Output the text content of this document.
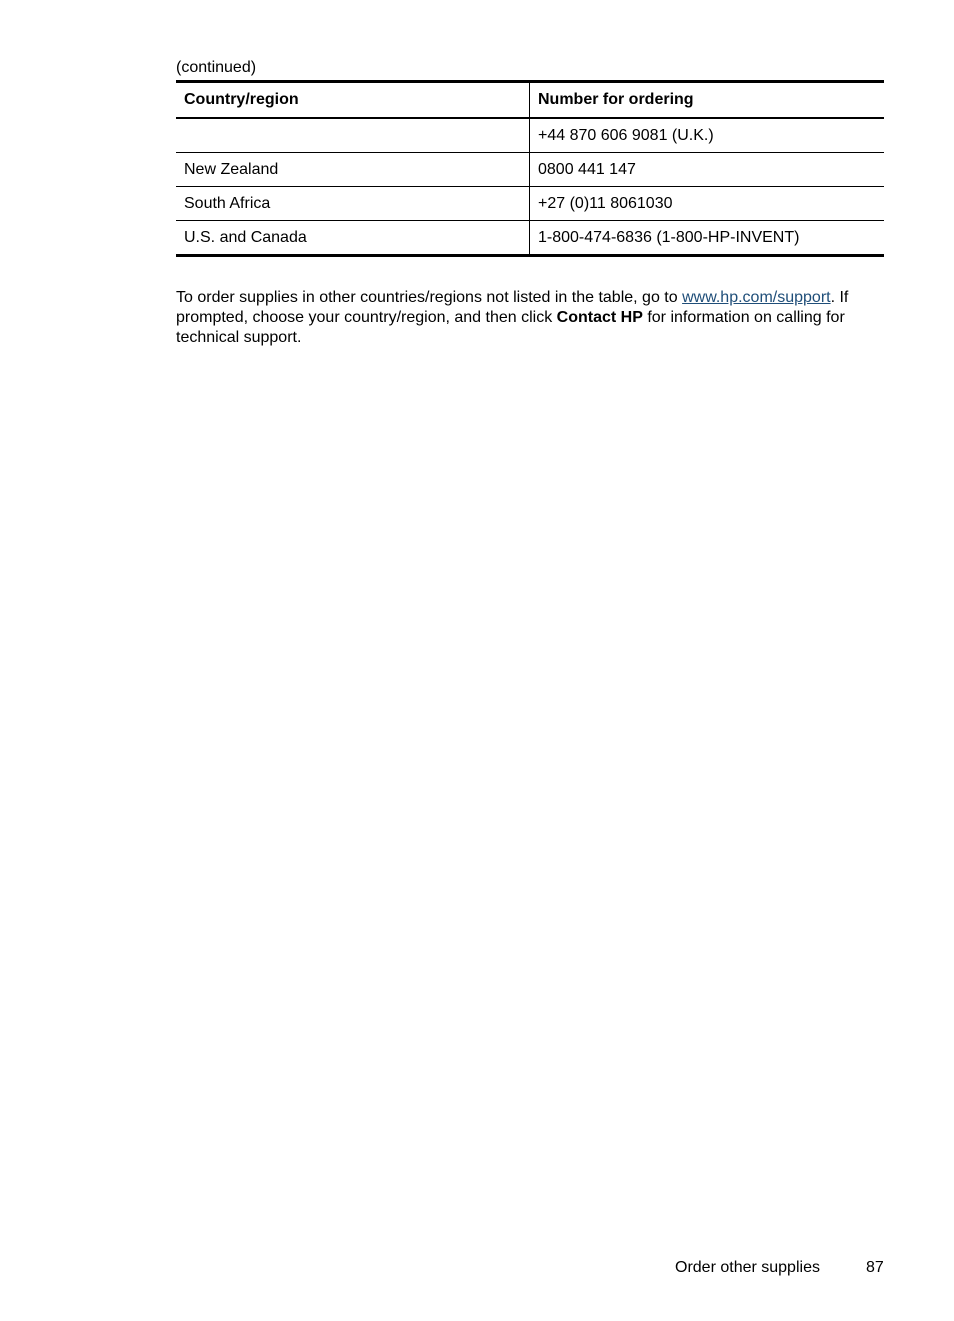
(continued)
Country/region	Number for ordering
	+44 870 606 9081 (U.K.)
New Zealand	0800 441 147
South Africa	+27 (0)11 8061030
U.S. and Canada	1-800-474-6836 (1-800-HP-INVENT)

To order supplies in other countries/regions not listed in the table, go to www.hp.com/support. If prompted, choose your country/region, and then click Contact HP for information on calling for technical support.

Order other supplies	87
